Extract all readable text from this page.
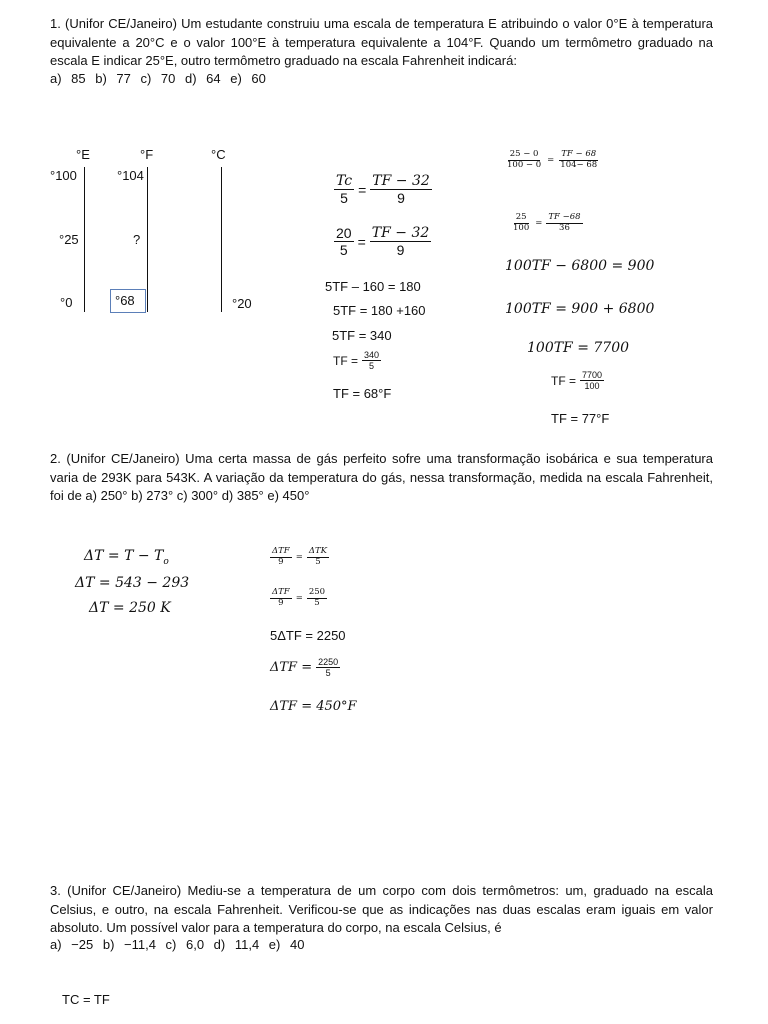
1. (Unifor CE/Janeiro) Um estudante construiu uma escala de temperatura E atribuindo o valor 0°E à temperatura equivalente a 20°C e o valor 100°E à temperatura equivalente a 104°F. Quando um termômetro graduado na escala E indicar 25°E, outro termômetro graduado na escala Fahrenheit indicará:
a) 85 b) 77 c) 70 d) 64 e) 60
°E	°F	°C
°100	°104
°25	?
°0	°68	°20
$\frac{Tc}{5} = \frac{TF - 32}{9}$
$\frac{20}{5} = \frac{TF - 32}{9}$
5TF – 160 = 180
5TF = 180 +160
5TF = 340
TF = $\frac{340}{5}$
TF = 68°F
$\frac{25 - 0}{100 - 0} = \frac{TF - 68}{104- 68}$
$\frac{25}{100} = \frac{TF -68}{36}$
100TF − 6800 = 900
100TF = 900 + 6800
100TF = 7700
TF = $\frac{7700}{100}$
TF = 77°F
2. (Unifor CE/Janeiro) Uma certa massa de gás perfeito sofre uma transformação isobárica e sua temperatura varia de 293K para 543K. A variação da temperatura do gás, nessa transformação, medida na escala Fahrenheit, foi de a) 250° b) 273° c) 300° d) 385° e) 450°
$\Delta T = T - T_o$
ΔT = 543 − 293
ΔT = 250 K
$\frac{\text{ΔTF}}{9} = \frac{\text{ΔTK}}{5}$
$\frac{\text{ΔTF}}{9} = \frac{250}{5}$
5ΔTF = 2250
$\Delta TF = \frac{2250}{5}$
ΔTF = 450°F
3. (Unifor CE/Janeiro) Mediu-se a temperatura de um corpo com dois termômetros: um, graduado na escala Celsius, e outro, na escala Fahrenheit. Verificou-se que as indicações nas duas escalas eram iguais em valor absoluto. Um possível valor para a temperatura do corpo, na escala Celsius, é
a) −25 b) −11,4 c) 6,0 d) 11,4 e) 40
TC = TF
